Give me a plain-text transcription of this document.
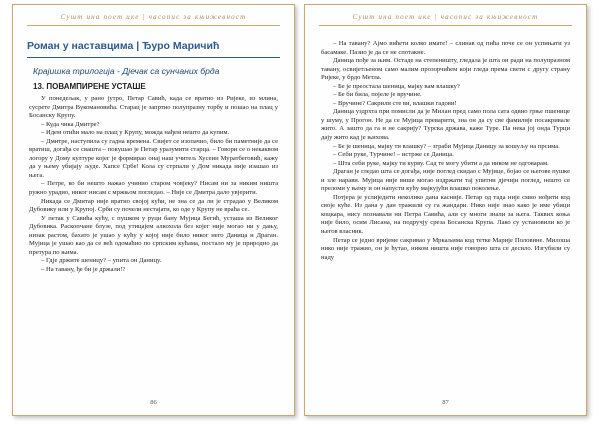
Сушт ина поет ике | часопис за књижевност
Роман у наставцима | Ђуро Маричић
Крајишка трилогија - Дјечак са сунчаних брда
13. ПОВАМПИРЕНЕ УСТАШЕ

У понедељак, у рано јутро, Петар Савић, када се вратио из Ријеке, из млина, сусрете Дмитра Вукомановића. Старац је запртио полупразну торбу и пошао на плац у Босанску Крупу.

– Куда чика Дмитре?

– Идем отићи мало на плац у Крупу, можда нађем нешто да купим.

– Дмитре, наступила су гадна времена. Свијет се изопачио, било би паметније да се вратиш, догађа се свашта – покушао је Петар уразумити старца. – Говори се о некаквом логору у Дому културе којег је формирао онај наш учитељ Хусеин Муратбеговић, кажу да у њему убијају људе. Хапсе Србе! Кола су стрпали у Дом никада није изашао из њега.

– Петре, ко би нешто нажао учинио старом човјеку? Нисам ни за никим ништа ружно урадио, никог нисам с мржњом погледао. – Није се Дмитра дало увјерити.

Никада се Дмитар није вратио својој кући, не зна се да ли је страдао у Великом Дубовику или у Крупој. Срби су почели нестајати, ко оде у Крупу не враћа се.

У петак у Савића кућу, с пушком у руци бану Мујица Бегић, усташа из Великог Дубовика. Раскопчане блузе, под утицајем алкохола без којег није могао ни у дању, низак растом, бахато је ушао у кућу у којој није било никог него Даница и Драган. Мујица је ушао као да се већ одомаћио по српским кућама, постало му је природно да претура по њима.

– Гдје држите шеницу? – упита он Даницу.

– На тавану, ђе би је држали!?

86
Сушт ина поет ике | часопис за књижевност

– На тавану? Ајмо вићети колко имате! – слинав од пића поче се он успињати уз басамаке. Пазио је да се не спотакне.

Даница пође за њим. Остаде на степеништу, гледала је шта он ради на полупразном тавану, освијетљеном само малим прозорчићем који гледа према свети с другу страну Ријеке, у брдо Метла.

– Бе је преостала шеница, мајку вам влашку?

– Бе би била, појеле је вручине.

– Вручине? Сакрили сте ви, влашки гадови!

Даница уздрхта при помисли да је Милан пред само пола сата одвио грње пшенице у шуму, у Прогон. Не да се Мујица преварити, зна он да су све фамилије посакривале жито. А зашто да га и не сакрију? Турска држава, каже Турe. Па нека јој онда Турци дају жито кад је њихова.

– Бе је шеница, мајку ти влашку? – зграби Мујица Даницу за кошуљу на прсима.

– Себи руке, Турчине! – истрже се Даница.

– Шта себи руке, мајку ти курву. Сад те могу убити а да ником не одговарам.

Драган је гледао шта се догађа, није поглед скидао с Мујице, бојао се његове пушке и зле нарави. Мујица није више могао издржати тај упитни дјечији поглед, нешто се преломи у њему и он напусти кућу мајкујући влашко поколење.

Потјера је услиједити неколико дана касније. Петар од тада није смио нођити код своје куће. Из дана у дан тражили су га жандари. Нико није знао како је име убици коцкара, нису познавали ни Петра Савића, али су многи знали за њега. Таквих коња није било, осим Лисана, на подручју среза Босанска Крупа. Лако су установили ко је његов власник.

Петар се једно вријеме сакривао у Мркаљима код тетке Марије Половине. Милоша нико није тражио, он је ћутао, ником ништа није говорио шта се десило. Изгубили су наду

87
